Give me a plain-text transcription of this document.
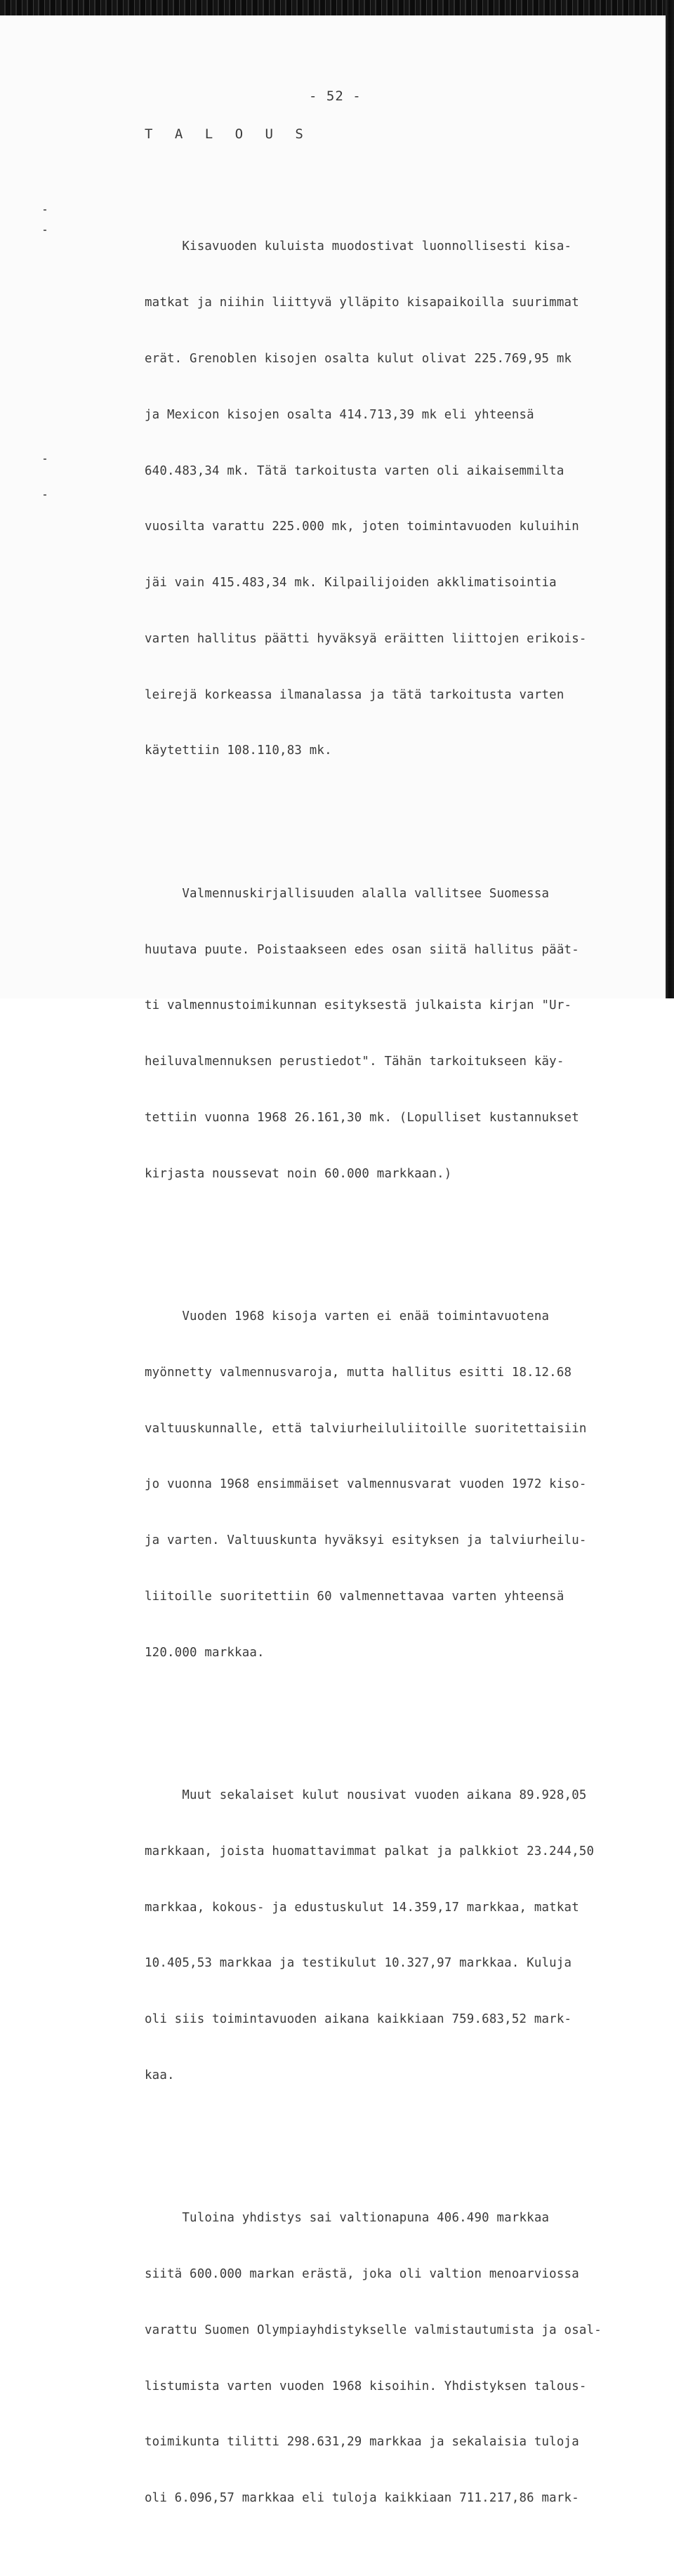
- 52 -
T A L O U S

Kisavuoden kuluista muodostivat luonnollisesti kisa-

matkat ja niihin liittyvä ylläpito kisapaikoilla suurimmat

erät. Grenoblen kisojen osalta kulut olivat 225.769,95 mk

ja Mexicon kisojen osalta 414.713,39 mk eli yhteensä

640.483,34 mk. Tätä tarkoitusta varten oli aikaisemmilta

vuosilta varattu 225.000 mk, joten toimintavuoden kuluihin

jäi vain 415.483,34 mk. Kilpailijoiden akklimatisointia

varten hallitus päätti hyväksyä eräitten liittojen erikois-

leirejä korkeassa ilmanalassa ja tätä tarkoitusta varten

käytettiin 108.110,83 mk.

Valmennuskirjallisuuden alalla vallitsee Suomessa

huutava puute. Poistaakseen edes osan siitä hallitus päät-

ti valmennustoimikunnan esityksestä julkaista kirjan "Ur-

heiluvalmennuksen perustiedot". Tähän tarkoitukseen käy-

tettiin vuonna 1968 26.161,30 mk. (Lopulliset kustannukset

kirjasta noussevat noin 60.000 markkaan.)

Vuoden 1968 kisoja varten ei enää toimintavuotena

myönnetty valmennusvaroja, mutta hallitus esitti 18.12.68

valtuuskunnalle, että talviurheiluliitoille suoritettaisiin

jo vuonna 1968 ensimmäiset valmennusvarat vuoden 1972 kiso-

ja varten. Valtuuskunta hyväksyi esityksen ja talviurheilu-

liitoille suoritettiin 60 valmennettavaa varten yhteensä

120.000 markkaa.

Muut sekalaiset kulut nousivat vuoden aikana 89.928,05

markkaan, joista huomattavimmat palkat ja palkkiot 23.244,50

markkaa, kokous- ja edustuskulut 14.359,17 markkaa, matkat

10.405,53 markkaa ja testikulut 10.327,97 markkaa. Kuluja

oli siis toimintavuoden aikana kaikkiaan 759.683,52 mark-

kaa.

Tuloina yhdistys sai valtionapuna 406.490 markkaa

siitä 600.000 markan erästä, joka oli valtion menoarviossa

varattu Suomen Olympiayhdistykselle valmistautumista ja osal-

listumista varten vuoden 1968 kisoihin. Yhdistyksen talous-

toimikunta tilitti 298.631,29 markkaa ja sekalaisia tuloja

oli 6.096,57 markkaa eli tuloja kaikkiaan 711.217,86 mark-
